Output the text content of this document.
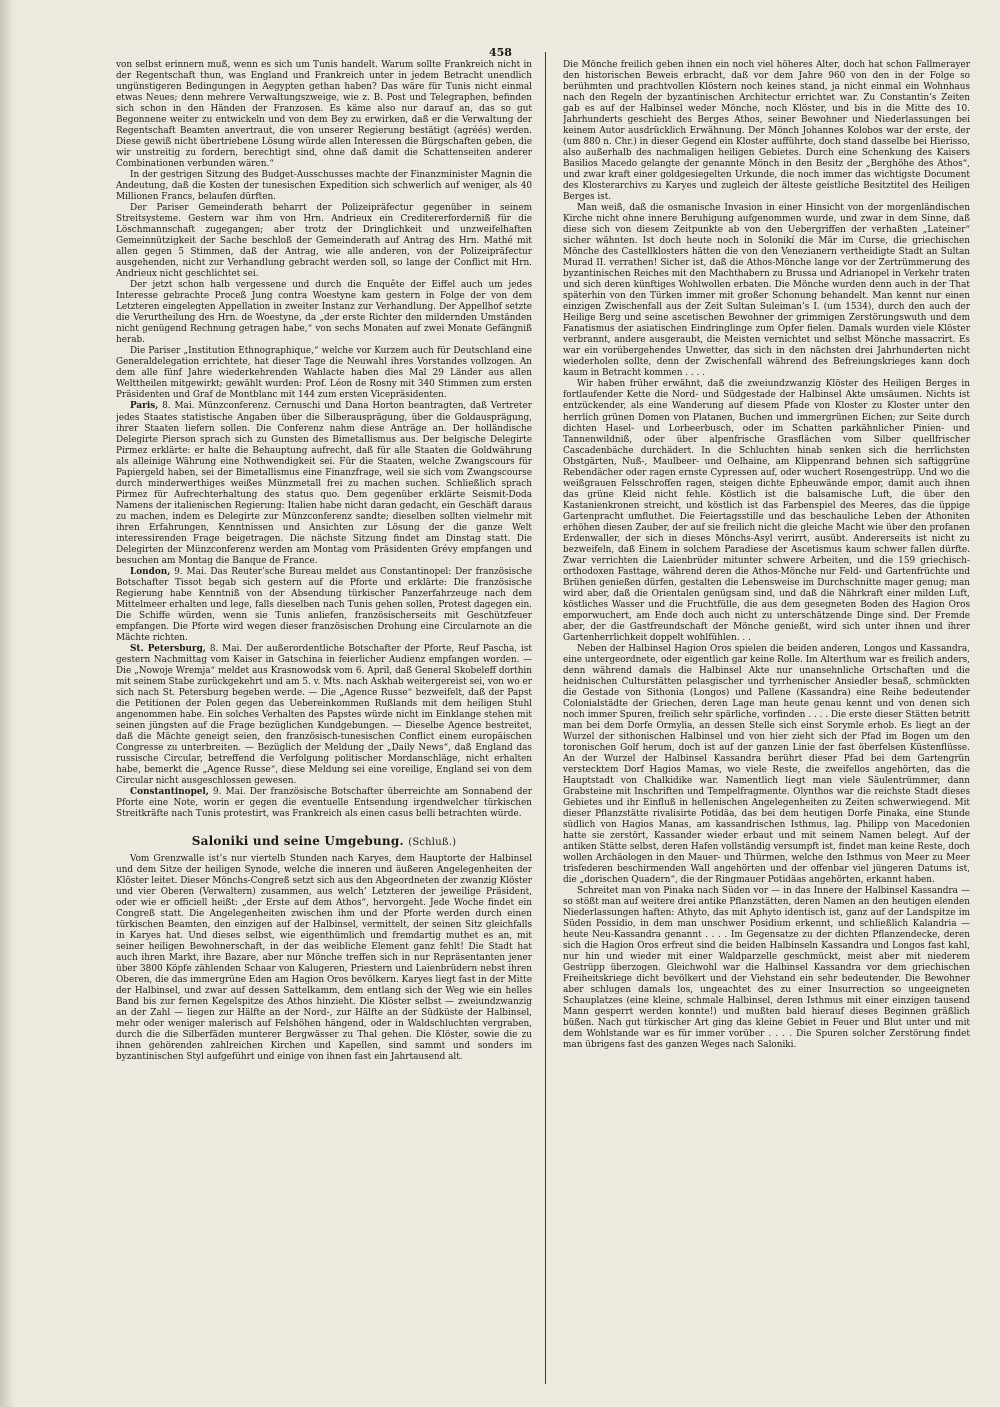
458

von selbst erinnern muß, wenn es sich um Tunis handelt. Warum sollte Frankreich nicht in der Regentschaft thun, was England und Frankreich unter in jedem Betracht unendlich ungünstigeren Bedingungen in Aegypten gethan haben? Das wäre für Tunis nicht einmal etwas Neues; denn mehrere Verwaltungszweige, wie z. B. Post und Telegraphen, befinden sich schon in den Händen der Franzosen. Es käme also nur darauf an, das so gut Begonnene weiter zu entwickeln und von dem Bey zu erwirken, daß er die Verwaltung der Regentschaft Beamten anvertraut, die von unserer Regierung bestätigt (agréés) werden. Diese gewiß nicht übertriebene Lösung würde allen Interessen die Bürgschaften geben, die wir unstreitig zu fordern, berechtigt sind, ohne daß damit die Schattenseiten anderer Combinationen verbunden wären.“

In der gestrigen Sitzung des Budget-Ausschusses machte der Finanzminister Magnin die Andeutung, daß die Kosten der tunesischen Expedition sich schwerlich auf weniger, als 40 Millionen Francs, belaufen dürften.

Der Pariser Gemeinderath beharrt der Polizeipräfectur gegenüber in seinem Streitsysteme. Gestern war ihm von Hrn. Andrieux ein Creditererforderniß für die Löschmannschaft zugegangen; aber trotz der Dringlichkeit und unzweifelhaften Gemeinnützigkeit der Sache beschloß der Gemeinderath auf Antrag des Hrn. Mathé mit allen gegen 5 Stimmen, daß der Antrag, wie alle anderen, von der Polizeipräfectur ausgehenden, nicht zur Verhandlung gebracht werden soll, so lange der Conflict mit Hrn. Andrieux nicht geschlichtet sei.

Der jetzt schon halb vergessene und durch die Enquête der Eiffel auch um jedes Interesse gebrachte Proceß Jung contra Woestyne kam gestern in Folge der von dem Letzteren eingelegten Appellation in zweiter Instanz zur Verhandlung. Der Appellhof setzte die Verurtheilung des Hrn. de Woestyne, da „der erste Richter den mildernden Umständen nicht genügend Rechnung getragen habe,“ von sechs Monaten auf zwei Monate Gefängniß herab.

Die Pariser „Institution Ethnographique,“ welche vor Kurzem auch für Deutschland eine Generaldelegation errichtete, hat dieser Tage die Neuwahl ihres Vorstandes vollzogen. An dem alle fünf Jahre wiederkehrenden Wahlacte haben dies Mal 29 Länder aus allen Welttheilen mitgewirkt; gewählt wurden: Prof. Léon de Rosny mit 340 Stimmen zum ersten Präsidenten und Graf de Montblanc mit 144 zum ersten Vicepräsidenten.

Paris, 8. Mai. Münzconferenz. Cernuschi und Dana Horton beantragten, daß Vertreter jedes Staates statistische Angaben über die Silberausprägung, über die Goldausprägung, ihrer Staaten liefern sollen. Die Conferenz nahm diese Anträge an. Der holländische Delegirte Pierson sprach sich zu Gunsten des Bimetallismus aus. Der belgische Delegirte Pirmez erklärte: er halte die Behauptung aufrecht, daß für alle Staaten die Goldwährung als alleinige Währung eine Nothwendigkeit sei. Für die Staaten, welche Zwangscours für Papiergeld haben, sei der Bimetallismus eine Finanzfrage, weil sie sich vom Zwangscourse durch minderwerthiges weißes Münzmetall frei zu machen suchen. Schließlich sprach Pirmez für Aufrechterhaltung des status quo. Dem gegenüber erklärte Seismit-Doda Namens der italienischen Regierung: Italien habe nicht daran gedacht, ein Geschäft daraus zu machen, indem es Delegirte zur Münzconferenz sandte; dieselben sollten vielmehr mit ihren Erfahrungen, Kenntnissen und Ansichten zur Lösung der die ganze Welt interessirenden Frage beigetragen. Die nächste Sitzung findet am Dinstag statt. Die Delegirten der Münzconferenz werden am Montag vom Präsidenten Grévy empfangen und besuchen am Montag die Banque de France.

London, 9. Mai. Das Reuter’sche Bureau meldet aus Constantinopel: Der französische Botschafter Tissot begab sich gestern auf die Pforte und erklärte: Die französische Regierung habe Kenntniß von der Absendung türkischer Panzerfahrzeuge nach dem Mittelmeer erhalten und lege, falls dieselben nach Tunis gehen sollen, Protest dagegen ein. Die Schiffe würden, wenn sie Tunis anliefen, französischerseits mit Geschützfeuer empfangen. Die Pforte wird wegen dieser französischen Drohung eine Circularnote an die Mächte richten.

St. Petersburg, 8. Mai. Der außerordentliche Botschafter der Pforte, Reuf Pascha, ist gestern Nachmittag vom Kaiser in Gatschina in feierlicher Audienz empfangen worden. — Die „Nowoje Wremja“ meldet aus Krasnowodsk vom 6. April, daß General Skobeleff dorthin mit seinem Stabe zurückgekehrt und am 5. v. Mts. nach Askhab weitergereist sei, von wo er sich nach St. Petersburg begeben werde. — Die „Agence Russe“ bezweifelt, daß der Papst die Petitionen der Polen gegen das Uebereinkommen Rußlands mit dem heiligen Stuhl angenommen habe. Ein solches Verhalten des Papstes würde nicht im Einklange stehen mit seinen jüngsten auf die Frage bezüglichen Kundgebungen. — Dieselbe Agence bestreitet, daß die Mächte geneigt seien, den französisch-tunesischen Conflict einem europäischen Congresse zu unterbreiten. — Bezüglich der Meldung der „Daily News“, daß England das russische Circular, betreffend die Verfolgung politischer Mordanschläge, nicht erhalten habe, bemerkt die „Agence Russe“, diese Meldung sei eine voreilige, England sei von dem Circular nicht ausgeschlossen gewesen.

Constantinopel, 9. Mai. Der französische Botschafter überreichte am Sonnabend der Pforte eine Note, worin er gegen die eventuelle Entsendung irgendwelcher türkischen Streitkräfte nach Tunis protestirt, was Frankreich als einen casus belli betrachten würde.

Saloniki und seine Umgebung. (Schluß.)

Vom Grenzwalle ist’s nur viertelb Stunden nach Karyes, dem Hauptorte der Halbinsel und dem Sitze der heiligen Synode, welche die inneren und äußeren Angelegenheiten der Klöster leitet. Dieser Mönchs-Congreß setzt sich aus den Abgeordneten der zwanzig Klöster und vier Oberen (Verwaltern) zusammen, aus welch’ Letzteren der jeweilige Präsident, oder wie er officiell heißt: „der Erste auf dem Athos“, hervorgeht. Jede Woche findet ein Congreß statt. Die Angelegenheiten zwischen ihm und der Pforte werden durch einen türkischen Beamten, den einzigen auf der Halbinsel, vermittelt, der seinen Sitz gleichfalls in Karyes hat. Und dieses selbst, wie eigenthümlich und fremdartig muthet es an, mit seiner heiligen Bewohnerschaft, in der das weibliche Element ganz fehlt! Die Stadt hat auch ihren Markt, ihre Bazare, aber nur Mönche treffen sich in nur Repräsentanten jener über 3800 Köpfe zählenden Schaar von Kalugeren, Priestern und Laienbrüdern nebst ihren Oberen, die das immergrüne Eden am Hagion Oros bevölkern. Karyes liegt fast in der Mitte der Halbinsel, und zwar auf dessen Sattelkamm, dem entlang sich der Weg wie ein helles Band bis zur fernen Kegelspitze des Athos hinzieht. Die Klöster selbst — zweiundzwanzig an der Zahl — liegen zur Hälfte an der Nord-, zur Hälfte an der Südküste der Halbinsel, mehr oder weniger malerisch auf Felshöhen hängend, oder in Waldschluchten vergraben, durch die die Silberfäden munterer Bergwässer zu Thal gehen. Die Klöster, sowie die zu ihnen gehörenden zahlreichen Kirchen und Kapellen, sind sammt und sonders im byzantinischen Styl aufgeführt und einige von ihnen fast ein Jahrtausend alt.

Die Mönche freilich geben ihnen ein noch viel höheres Alter, doch hat schon Fallmerayer den historischen Beweis erbracht, daß vor dem Jahre 960 von den in der Folge so berühmten und prachtvollen Klöstern noch keines stand, ja nicht einmal ein Wohnhaus nach den Regeln der byzantinischen Architectur errichtet war. Zu Constantin’s Zeiten gab es auf der Halbinsel weder Mönche, noch Klöster, und bis in die Mitte des 10. Jahrhunderts geschieht des Berges Athos, seiner Bewohner und Niederlassungen bei keinem Autor ausdrücklich Erwähnung. Der Mönch Johannes Kolobos war der erste, der (um 880 n. Chr.) in dieser Gegend ein Kloster aufführte, doch stand dasselbe bei Hierisso, also außerhalb des nachmaligen heiligen Gebietes. Durch eine Schenkung des Kaisers Basilios Macedo gelangte der genannte Mönch in den Besitz der „Berghöhe des Athos“, und zwar kraft einer goldgesiegelten Urkunde, die noch immer das wichtigste Document des Klosterarchivs zu Karyes und zugleich der älteste geistliche Besitztitel des Heiligen Berges ist.

Man weiß, daß die osmanische Invasion in einer Hinsicht von der morgenländischen Kirche nicht ohne innere Beruhigung aufgenommen wurde, und zwar in dem Sinne, daß diese sich von diesem Zeitpunkte ab von den Uebergriffen der verhaßten „Lateiner“ sicher wähnten. Ist doch heute noch in Solonikí die Mär im Curse, die griechischen Mönche des Castellklosters hätten die von den Venezianern vertheidigte Stadt an Sultan Murad II. verrathen! Sicher ist, daß die Athos-Mönche lange vor der Zertrümmerung des byzantinischen Reiches mit den Machthabern zu Brussa und Adrianopel in Verkehr traten und sich deren künftiges Wohlwollen erbaten. Die Mönche wurden denn auch in der That späterhin von den Türken immer mit großer Schonung behandelt. Man kennt nur einen einzigen Zwischenfall aus der Zeit Sultan Suleiman’s I. (um 1534), durch den auch der Heilige Berg und seine ascetischen Bewohner der grimmigen Zerstörungswuth und dem Fanatismus der asiatischen Eindringlinge zum Opfer fielen. Damals wurden viele Klöster verbrannt, andere ausgeraubt, die Meisten vernichtet und selbst Mönche massacrirt. Es war ein vorübergehendes Unwetter, das sich in den nächsten drei Jahrhunderten nicht wiederholen sollte, denn der Zwischenfall während des Befreiungskrieges kann doch kaum in Betracht kommen . . . .

Wir haben früher erwähnt, daß die zweiundzwanzig Klöster des Heiligen Berges in fortlaufender Kette die Nord- und Südgestade der Halbinsel Akte umsäumen. Nichts ist entzückender, als eine Wanderung auf diesem Pfade von Kloster zu Kloster unter den herrlich grünen Domen von Platanen, Buchen und immergrünen Eichen; zur Seite durch dichten Hasel- und Lorbeerbusch, oder im Schatten parkähnlicher Pinien- und Tannenwildniß, oder über alpenfrische Grasflächen vom Silber quellfrischer Cascadenbäche durchädert. In die Schluchten hinab senken sich die herrlichsten Obstgärten, Nuß-, Maulbeer- und Oelhaine, am Klippenrand behnen sich saftiggrüne Rebendächer oder ragen ernste Cypressen auf, oder wuchert Rosengestrüpp. Und wo die weißgrauen Felsschroffen ragen, steigen dichte Epheuwände empor, damit auch ihnen das grüne Kleid nicht fehle. Köstlich ist die balsamische Luft, die über den Kastanienkronen streicht, und köstlich ist das Farbenspiel des Meeres, das die üppige Gartenpracht umfluthet. Die Feiertagsstille und das beschauliche Leben der Athoniten erhöhen diesen Zauber, der auf sie freilich nicht die gleiche Macht wie über den profanen Erdenwaller, der sich in dieses Mönchs-Asyl verirrt, ausübt. Andererseits ist nicht zu bezweifeln, daß Einem in solchem Paradiese der Ascetismus kaum schwer fallen dürfte. Zwar verrichten die Laienbrüder mitunter schwere Arbeiten, und die 159 griechisch-orthodoxen Fasttage, während deren die Athos-Mönche nur Feld- und Gartenfrüchte und Brühen genießen dürfen, gestalten die Lebensweise im Durchschnitte mager genug; man wird aber, daß die Orientalen genügsam sind, und daß die Nährkraft einer milden Luft, köstliches Wasser und die Fruchtfülle, die aus dem gesegneten Boden des Hagion Oros emporwuchert, am Ende doch auch nicht zu unterschätzende Dinge sind. Der Fremde aber, der die Gastfreundschaft der Mönche genießt, wird sich unter ihnen und ihrer Gartenherrlichkeit doppelt wohlfühlen. . .

Neben der Halbinsel Hagion Oros spielen die beiden anderen, Longos und Kassandra, eine untergeordnete, oder eigentlich gar keine Rolle. Im Alterthum war es freilich anders, denn während damals die Halbinsel Akte nur unansehnliche Ortschaften und die heidnischen Culturstätten pelasgischer und tyrrhenischer Ansiedler besaß, schmückten die Gestade von Sithonia (Longos) und Pallene (Kassandra) eine Reihe bedeutender Colonialstädte der Griechen, deren Lage man heute genau kennt und von denen sich noch immer Spuren, freilich sehr spärliche, vorfinden . . . . Die erste dieser Stätten betritt man bei dem Dorfe Ormylia, an dessen Stelle sich einst Sorymle erhob. Es liegt an der Wurzel der sithonischen Halbinsel und von hier zieht sich der Pfad im Bogen um den toronischen Golf herum, doch ist auf der ganzen Linie der fast öberfelsen Küstenflüsse. An der Wurzel der Halbinsel Kassandra berührt dieser Pfad bei dem Gartengrün verstecktem Dorf Hagios Mamas, wo viele Reste, die zweifellos angehörten, das die Hauptstadt von Chalkidike war. Namentlich liegt man viele Säulentrümmer, dann Grabsteine mit Inschriften und Tempelfragmente. Olynthos war die reichste Stadt dieses Gebietes und ihr Einfluß in hellenischen Angelegenheiten zu Zeiten schwerwiegend. Mit dieser Pflanzstätte rivalisirte Potidäa, das bei dem heutigen Dorfe Pinaka, eine Stunde südlich von Hagios Manas, am kassandrischen Isthmus, lag. Philipp von Macedonien hatte sie zerstört, Kassander wieder erbaut und mit seinem Namen belegt. Auf der antiken Stätte selbst, deren Hafen vollständig versumpft ist, findet man keine Reste, doch wollen Archäologen in den Mauer- und Thürmen, welche den Isthmus von Meer zu Meer trisfederen beschirmenden Wall angehörten und der offenbar viel jüngeren Datums ist, die „dorischen Quadern“, die der Ringmauer Potidäas angehörten, erkannt haben.

Schreitet man von Pinaka nach Süden vor — in das Innere der Halbinsel Kassandra — so stößt man auf weitere drei antike Pflanzstätten, deren Namen an den heutigen elenden Niederlassungen haften: Athyto, das mit Aphyto identisch ist, ganz auf der Landspitze im Süden Possidio, in dem man unschwer Posidium erkennt, und schließlich Kalandria — heute Neu-Kassandra genannt . . . . Im Gegensatze zu der dichten Pflanzendecke, deren sich die Hagion Oros erfreut sind die beiden Halbinseln Kassandra und Longos fast kahl, nur hin und wieder mit einer Waldparzelle geschmückt, meist aber mit niederem Gestrüpp überzogen. Gleichwohl war die Halbinsel Kassandra vor dem griechischen Freiheitskriege dicht bevölkert und der Viehstand ein sehr bedeutender. Die Bewohner aber schlugen damals los, ungeachtet des zu einer Insurrection so ungeeigneten Schauplatzes (eine kleine, schmale Halbinsel, deren Isthmus mit einer einzigen tausend Mann gesperrt werden konnte!) und mußten bald hierauf dieses Beginnen gräßlich büßen. Nach gut türkischer Art ging das kleine Gebiet in Feuer und Blut unter und mit dem Wohlstande war es für immer vorüber . . . . Die Spuren solcher Zerstörung findet man übrigens fast des ganzen Weges nach Saloniki.
